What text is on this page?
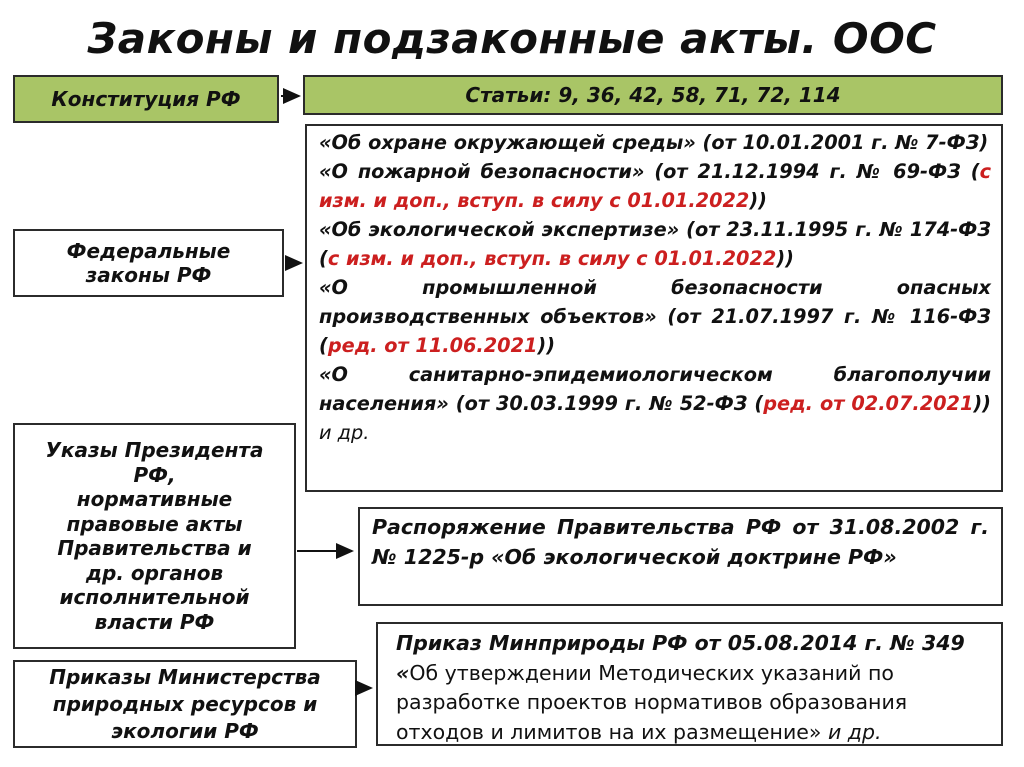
Законы и подзаконные акты. ООС
Конституция РФ	Статьи: 9, 36, 42, 58, 71, 72, 114
Федеральные
законы РФ

«Об охране окружающей среды» (от 10.01.2001 г. № 7-ФЗ)

«О пожарной безопасности» (от 21.12.1994 г. № 69-ФЗ (с изм. и доп., вступ. в силу с 01.01.2022))

«Об экологической экспертизе» (от 23.11.1995 г. № 174-ФЗ (с изм. и доп., вступ. в силу с 01.01.2022))

«О промышленной безопасности опасных производственных объектов» (от 21.07.1997 г. № 116-ФЗ (ред. от 11.06.2021))

«О санитарно-эпидемиологическом благополучии населения» (от 30.03.1999 г. № 52-ФЗ (ред. от 02.07.2021)) и др.

Указы Президента
РФ,
нормативные
правовые акты
Правительства и
др. органов
исполнительной
власти РФ
Распоряжение Правительства РФ от 31.08.2002 г. № 1225-р «Об экологической доктрине РФ»
Приказы Министерства
природных ресурсов и
экологии РФ
Приказ Минприроды РФ от 05.08.2014 г. № 349 «Об утверждении Методических указаний по разработке проектов нормативов образования отходов и лимитов на их размещение» и др.
